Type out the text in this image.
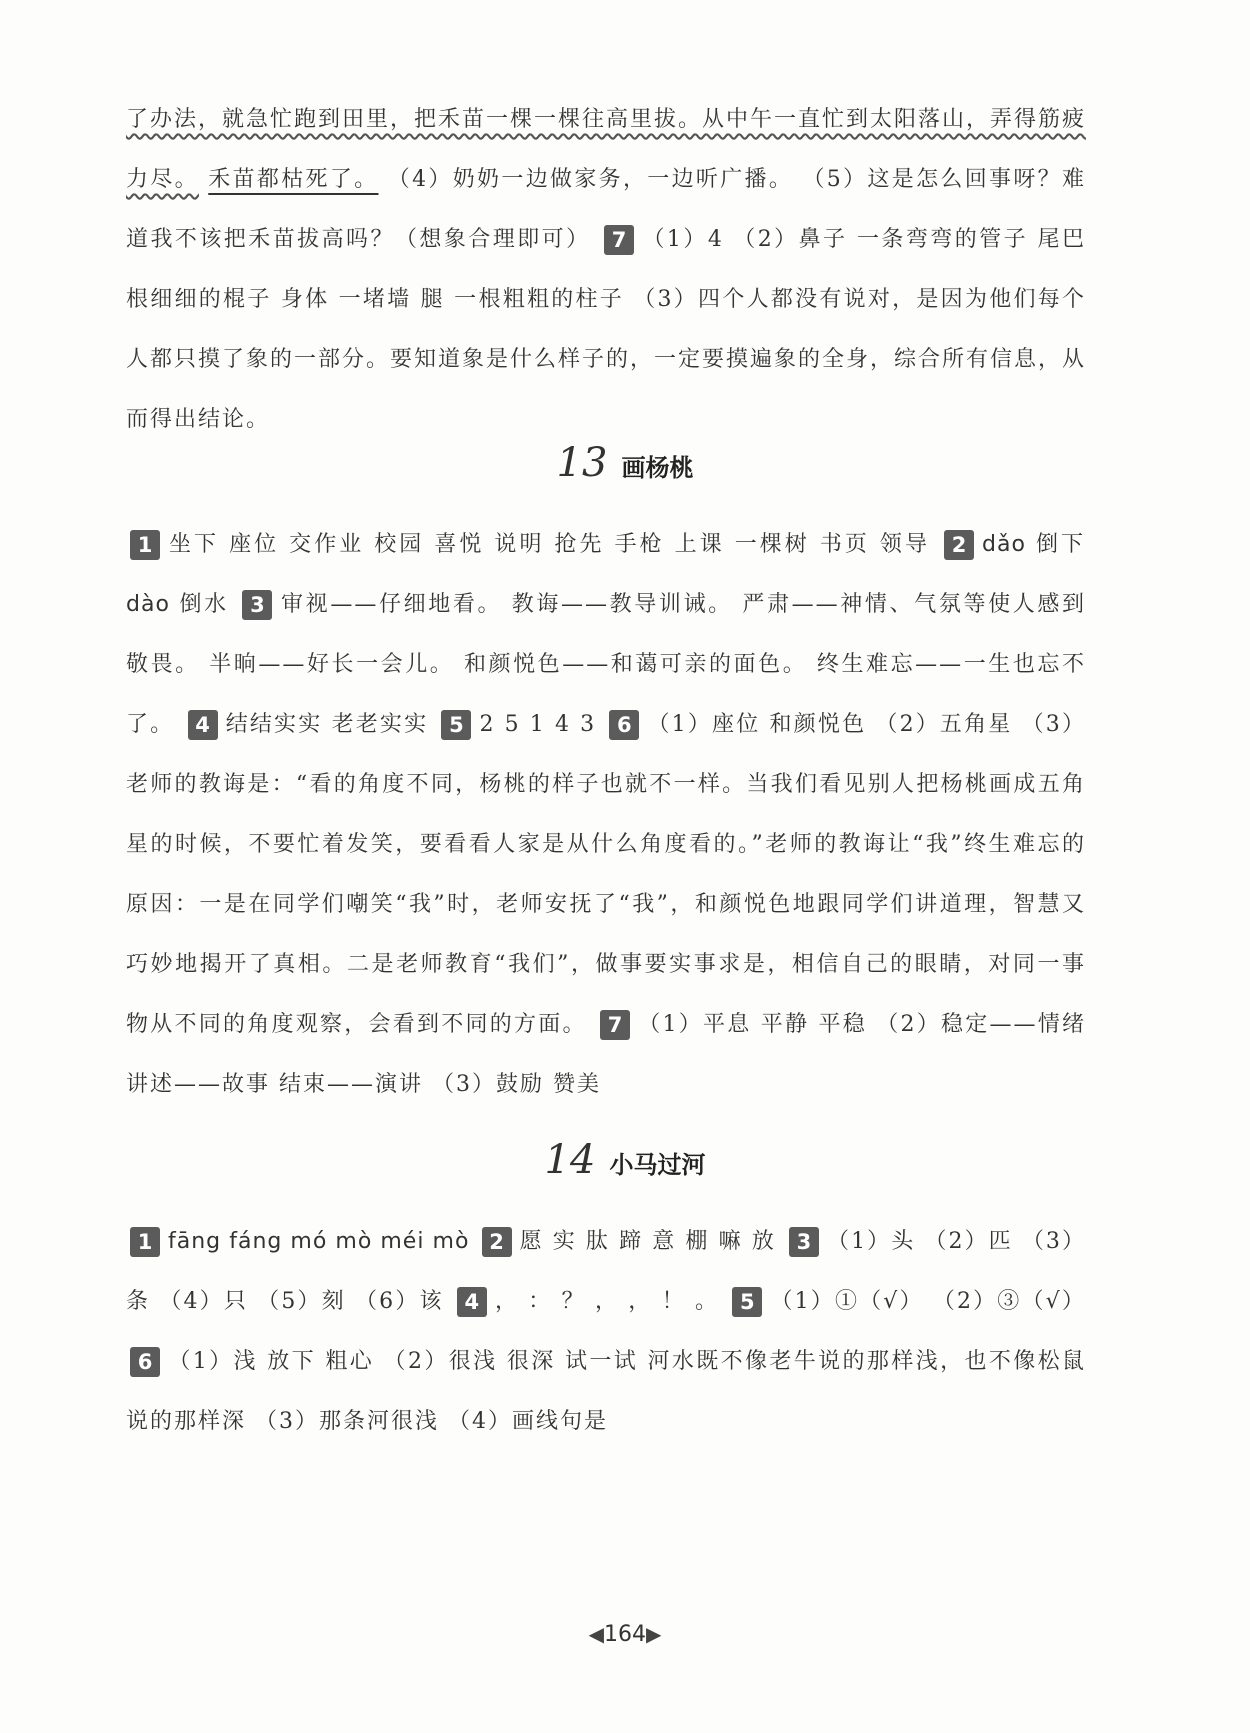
了办法，就急忙跑到田里，把禾苗一棵一棵往高里拔。从中午一直忙到太阳落山，弄得筋疲力尽。 禾苗都枯死了。 （4）奶奶一边做家务，一边听广播。 （5）这是怎么回事呀？难道我不该把禾苗拔高吗？（想象合理即可） 7 （1）4 （2）鼻子 一条弯弯的管子 尾巴 根细细的棍子 身体 一堵墙 腿 一根粗粗的柱子 （3）四个人都没有说对，是因为他们每个人都只摸了象的一部分。要知道象是什么样子的，一定要摸遍象的全身，综合所有信息，从而得出结论。

13 画杨桃

1 坐下 座位 交作业 校园 喜悦 说明 抢先 手枪 上课 一棵树 书页 领导 2 dǎo 倒下 dào 倒水 3 审视——仔细地看。 教诲——教导训诫。 严肃——神情、气氛等使人感到敬畏。 半晌——好长一会儿。 和颜悦色——和蔼可亲的面色。 终生难忘——一生也忘不了。 4 结结实实 老老实实 5 2 5 1 4 3 6 （1）座位 和颜悦色 （2）五角星 （3）老师的教诲是：“看的角度不同，杨桃的样子也就不一样。当我们看见别人把杨桃画成五角星的时候，不要忙着发笑，要看看人家是从什么角度看的。”老师的教诲让“我”终生难忘的原因：一是在同学们嘲笑“我”时，老师安抚了“我”，和颜悦色地跟同学们讲道理，智慧又巧妙地揭开了真相。二是老师教育“我们”，做事要实事求是，相信自己的眼睛，对同一事物从不同的角度观察，会看到不同的方面。 7 （1）平息 平静 平稳 （2）稳定——情绪 讲述——故事 结束——演讲 （3）鼓励 赞美

14 小马过河

1 fāng fáng mó mò méi mò 2 愿 实 肽 蹄 意 棚 嘛 放 3 （1）头 （2）匹 （3）条 （4）只 （5）刻 （6）该 4 ， ： ？ ， ， ！ 。 5 （1）①（√） （2）③（√） 6 （1）浅 放下 粗心 （2）很浅 很深 试一试 河水既不像老牛说的那样浅，也不像松鼠说的那样深 （3）那条河很浅 （4）画线句是

◀164▶
